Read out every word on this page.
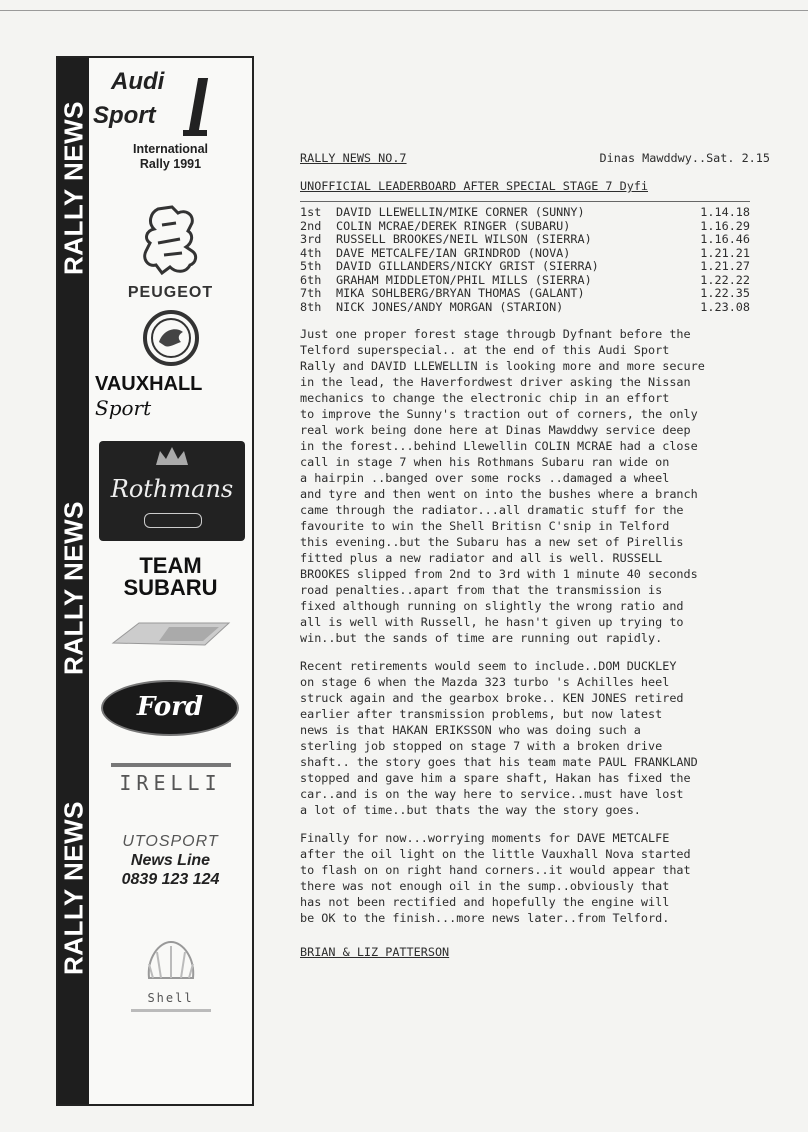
RALLY NEWS
RALLY NEWS
RALLY NEWS
Audi
Sport
International
Rally 1991
PEUGEOT
VAUXHALL
Sport
Rothmans
TEAM
SUBARU
Ford
IRELLI
UTOSPORT
News Line
0839 123 124
Shell
RALLY NEWS NO.7	Dinas Mawddwy..Sat. 2.15
UNOFFICIAL LEADERBOARD AFTER SPECIAL STAGE 7 Dyfi
1st	DAVID LLEWELLIN/MIKE CORNER (SUNNY)	1.14.18
2nd	COLIN MCRAE/DEREK RINGER (SUBARU)	1.16.29
3rd	RUSSELL BROOKES/NEIL WILSON (SIERRA)	1.16.46
4th	DAVE METCALFE/IAN GRINDROD (NOVA)	1.21.21
5th	DAVID GILLANDERS/NICKY GRIST (SIERRA)	1.21.27
6th	GRAHAM MIDDLETON/PHIL MILLS (SIERRA)	1.22.22
7th	MIKA SOHLBERG/BRYAN THOMAS (GALANT)	1.22.35
8th	NICK JONES/ANDY MORGAN (STARION)	1.23.08
Just one proper forest stage througb Dyfnant before the
Telford superspecial.. at the end of this Audi Sport
Rally and DAVID LLEWELLIN is looking more and more secure
in the lead, the Haverfordwest driver asking the Nissan
mechanics to change the electronic chip in an effort
to improve the Sunny's traction out of corners, the only
real work being done here at Dinas Mawddwy service deep
in the forest...behind Llewellin COLIN MCRAE had a close
call in stage 7 when his Rothmans Subaru ran wide on
a hairpin ..banged over some rocks ..damaged a wheel
and tyre and then went on into the bushes where a branch
came through the radiator...all dramatic stuff for the
favourite to win the Shell Britisn C'snip in Telford
this evening..but the Subaru has a new set of Pirellis
fitted plus a new radiator and all is well. RUSSELL
BROOKES slipped from 2nd to 3rd with 1 minute 40 seconds
road penalties..apart from that the transmission is
fixed although running on slightly the wrong ratio and
all is well with Russell, he hasn't given up trying to
win..but the sands of time are running out rapidly.
Recent retirements would seem to include..DOM DUCKLEY
on stage 6 when the Mazda 323 turbo 's Achilles heel
struck again and the gearbox broke.. KEN JONES retired
earlier after transmission problems, but now latest
news is that HAKAN ERIKSSON who was doing such a
sterling job stopped on stage 7 with a broken drive
shaft.. the story goes that his team mate PAUL FRANKLAND
stopped and gave him a spare shaft, Hakan has fixed the
car..and is on the way here to service..must have lost
a lot of time..but thats the way the story goes.
Finally for now...worrying moments for DAVE METCALFE
after the oil light on the little Vauxhall Nova started
to flash on on right hand corners..it would appear that
there was not enough oil in the sump..obviously that
has not been rectified and hopefully the engine will
be OK to the finish...more news later..from Telford.
BRIAN & LIZ PATTERSON
